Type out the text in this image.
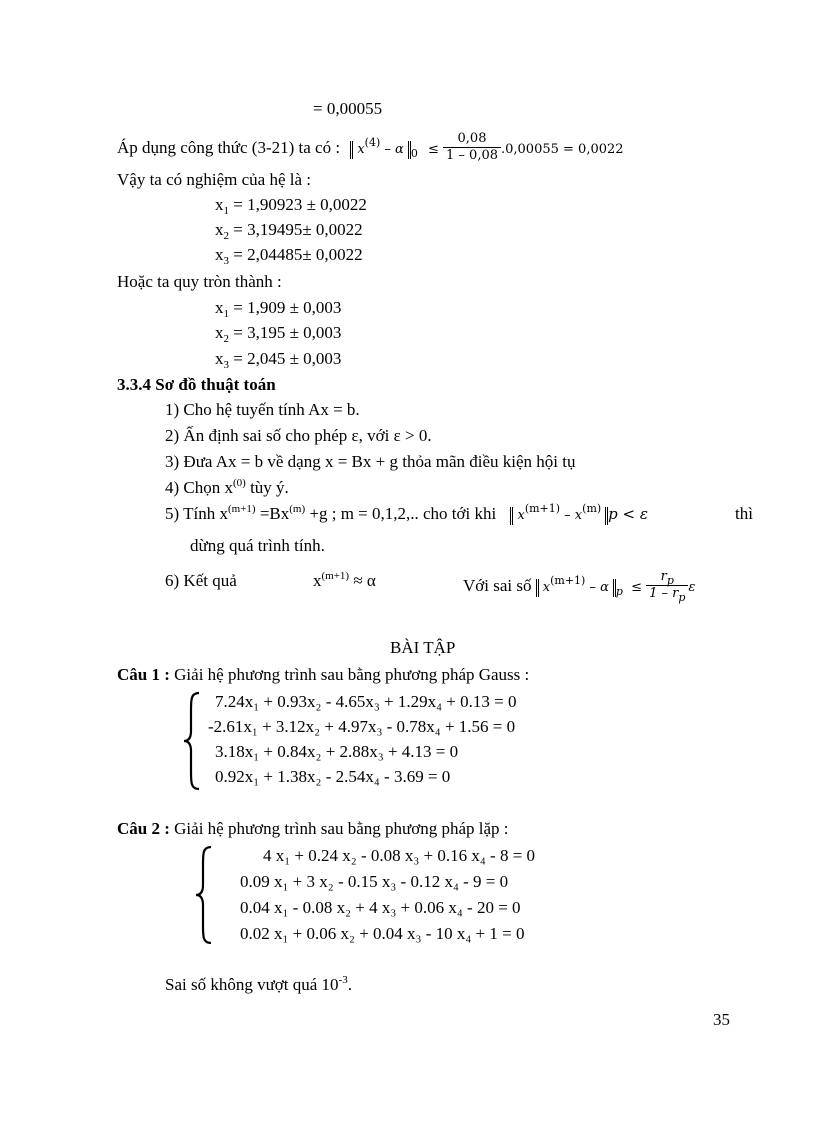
= 0,00055
Áp dụng công thức (3-21) ta có : $x^{(4)}$ – α $_0 \le \frac{0,08}{1 - 0,08} .0,00055 = 0,0022$
Vậy ta có nghiệm của hệ là :
$x_1 = 1,90923 \pm 0,0022$
$x_2 = 3,19495\pm 0,0022$
$x_3 = 2,04485\pm 0,0022$
Hoặc ta quy tròn thành :
$x_1 = 1,909 \pm 0,003$
$x_2 = 3,195 \pm 0,003$
$x_3 = 2,045 \pm 0,003$
3.3.4 Sơ đồ thuật toán
1) Cho hệ tuyến tính Ax = b.
2) Ấn định sai số cho phép ε, với ε > 0.
3) Đưa Ax = b về dạng x = Bx + g thỏa mãn điều kiện hội tụ
4) Chọn $x^{(0)}$ tùy ý.
5) Tính $x^{(m+1)} =Bx^{(m)} +g$ ; m = 0,1,2,.. cho tới khi $x^{(m+1)} - x^{(m)}$ p < ε	thì
dừng quá trình tính.
6) Kết quả	$x^{(m+1)} \approx \alpha$	Với sai số $x^{(m+1)}$ – α $_p \le \frac{r_p}{1 - r_p}$ ε
BÀI TẬP
Câu 1 : Giải hệ phương trình sau bằng phương pháp Gauss :
7.24x₁ + 0.93x₂ - 4.65x₃ + 1.29x₄ + 0.13 = 0
-2.61x₁ + 3.12x₂ + 4.97x₃ - 0.78x₄ + 1.56 = 0
3.18x₁ + 0.84x₂ + 2.88x₃ + 4.13 = 0
0.92x₁ + 1.38x₂ - 2.54x₄ - 3.69 = 0
Câu 2 : Giải hệ phương trình sau bằng phương pháp lặp :
4 x₁ + 0.24 x₂ - 0.08 x₃ + 0.16 x₄ - 8 = 0
0.09 x₁ + 3 x₂ - 0.15 x₃ - 0.12 x₄ - 9 = 0
0.04 x₁ - 0.08 x₂ + 4 x₃ + 0.06 x₄ - 20 = 0
0.02 x₁ + 0.06 x₂ + 0.04 x₃ - 10 x₄ + 1 = 0
Sai số không vượt quá $10^{-3}$.
35
